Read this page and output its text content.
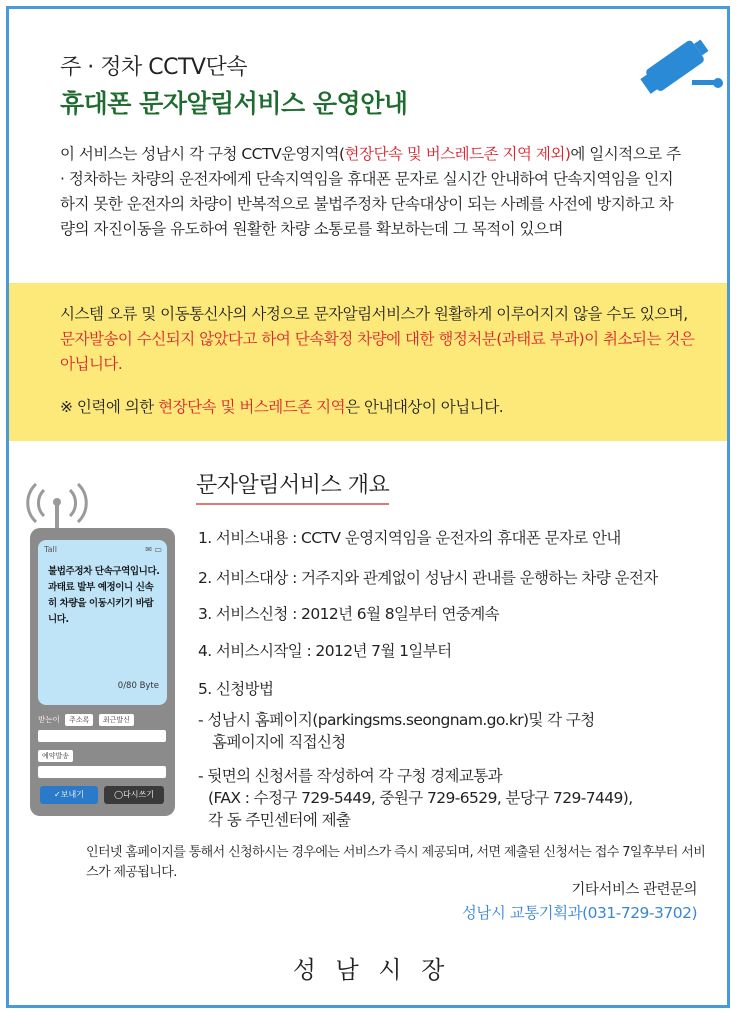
주 · 정차 CCTV단속
휴대폰 문자알림서비스 운영안내
이 서비스는 성남시 각 구청 CCTV운영지역(현장단속 및 버스레드존 지역 제외)에 일시적으로 주 · 정차하는 차량의 운전자에게 단속지역임을 휴대폰 문자로 실시간 안내하여 단속지역임을 인지하지 못한 운전자의 차량이 반복적으로 불법주정차 단속대상이 되는 사례를 사전에 방지하고 차량의 자진이동을 유도하여 원활한 차량 소통로를 확보하는데 그 목적이 있으며
시스템 오류 및 이동통신사의 사정으로 문자알림서비스가 원활하게 이루어지지 않을 수도 있으며, 문자발송이 수신되지 않았다고 하여 단속확정 차량에 대한 행정처분(과태료 부과)이 취소되는 것은 아닙니다.
※ 인력에 의한 현장단속 및 버스레드존 지역은 안내대상이 아닙니다.
문자알림서비스 개요
1. 서비스내용 : CCTV 운영지역임을 운전자의 휴대폰 문자로 안내
2. 서비스대상 : 거주지와 관계없이 성남시 관내를 운행하는 차량 운전자
3. 서비스신청 : 2012년 6월 8일부터 연중계속
4. 서비스시작일 : 2012년 7월 1일부터
5. 신청방법
- 성남시 홈페이지(parkingsms.seongnam.go.kr)및 각 구청
홈페이지에 직접신청
- 뒷면의 신청서를 작성하여 각 구청 경제교통과
(FAX : 수정구 729-5449, 중원구 729-6529, 분당구 729-7449),
각 동 주민센터에 제출
Tall	✉ ▭
불법주정차 단속구역입니다. 과태료 발부 예정이니 신속히 차량을 이동시키기 바랍니다.
0/80 Byte
받는이 주소록 최근발신
예약발송
✓보내기	◯다시쓰기
인터넷 홈페이지를 통해서 신청하시는 경우에는 서비스가 즉시 제공되며, 서면 제출된 신청서는 접수 7일후부터 서비스가 제공됩니다.
기타서비스 관련문의
성남시 교통기획과(031-729-3702)
성 남 시 장
